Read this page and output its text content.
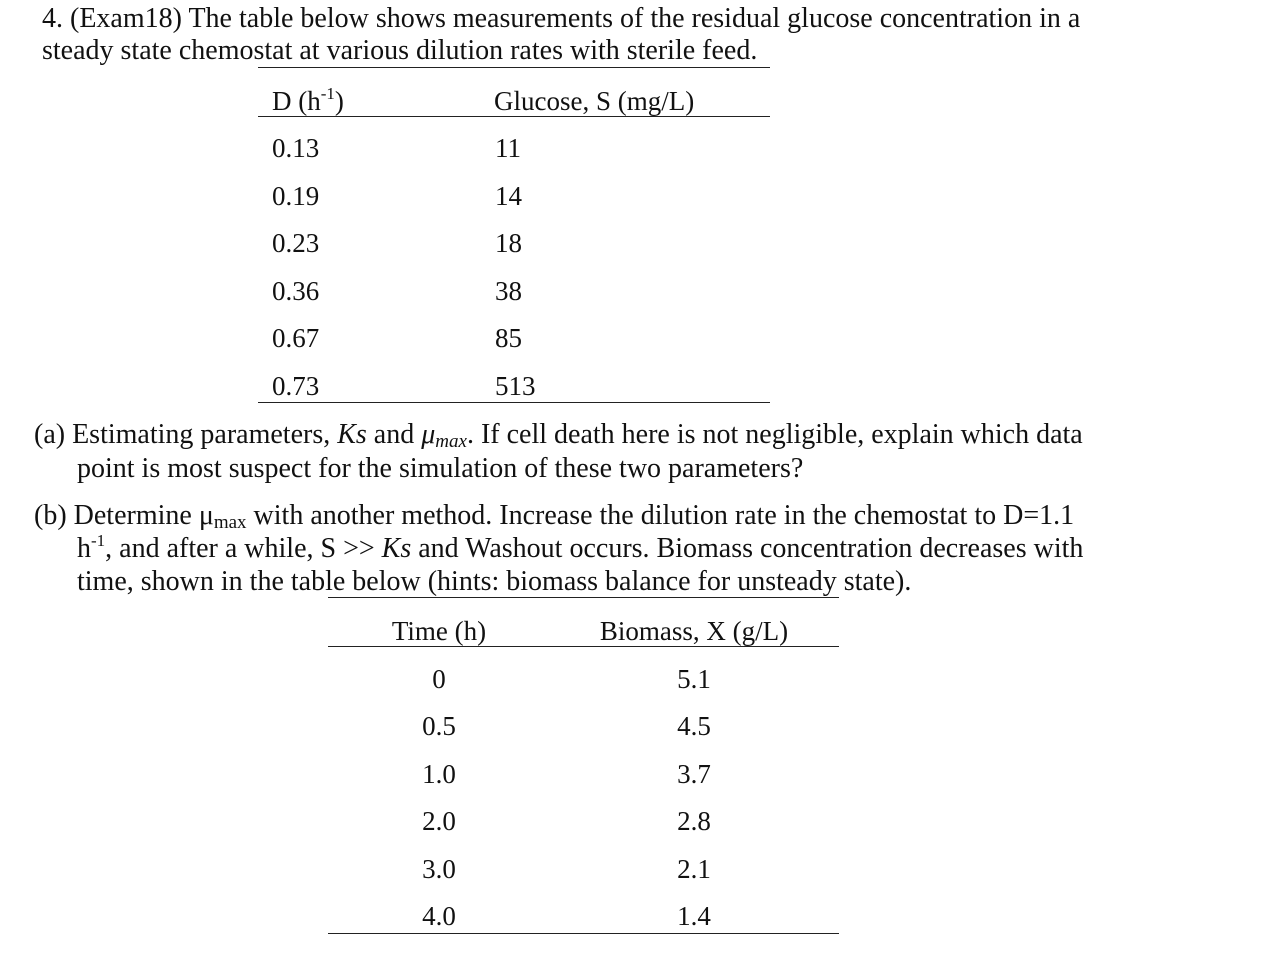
4. (Exam18) The table below shows measurements of the residual glucose concentration in a
steady state chemostat at various dilution rates with sterile feed.
D $(h^{-1})$	Glucose, S (mg/L)
0.13	11
0.19	14
0.23	18
0.36	38
0.67	85
0.73	513
(a) Estimating parameters, Ks and μmax. If cell death here is not negligible, explain which data
point is most suspect for the simulation of these two parameters?
(b) Determine μmax with another method. Increase the dilution rate in the chemostat to D=1.1
$h^{-1}$, and after a while, S >> Ks and Washout occurs. Biomass concentration decreases with
time, shown in the table below (hints: biomass balance for unsteady state).
Time (h)	Biomass, X (g/L)
0	5.1
0.5	4.5
1.0	3.7
2.0	2.8
3.0	2.1
4.0	1.4
